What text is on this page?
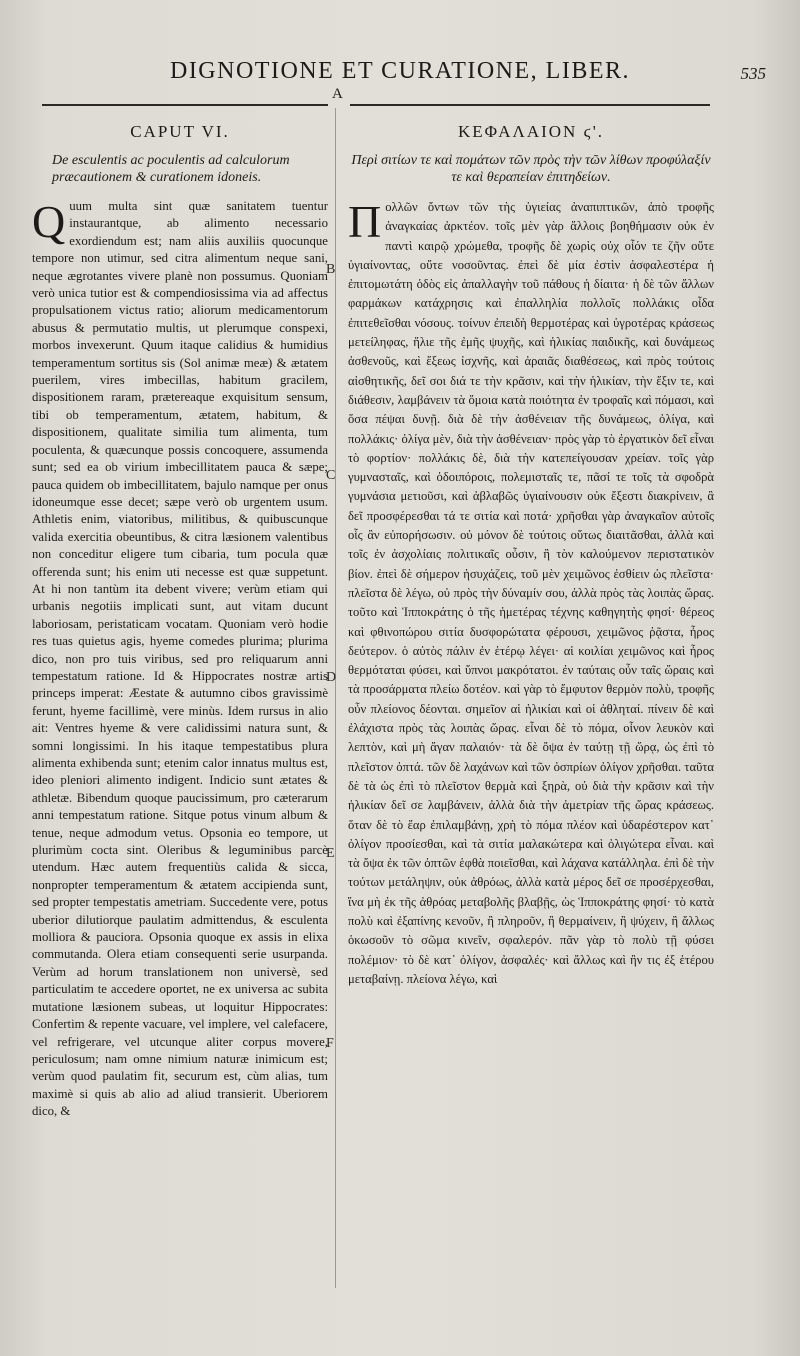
DIGNOTIONE ET CURATIONE, LIBER.	535
A
CAPUT VI.
De esculentis ac poculentis ad calculorum præcautionem & curationem idoneis.

Quum multa sint quæ sanitatem tuentur instaurantque, ab alimento necessario exordiendum est; nam aliis auxiliis quocunque tempore non utimur, sed citra alimentum neque sani, neque ægrotantes vivere planè non possumus. Quoniam verò unica tutior est & compendiosissima via ad affectus propulsationem victus ratio; aliorum medicamentorum abusus & permutatio multis, ut plerumque conspexi, morbos invexerunt. Quum itaque calidius & humidius temperamentum sortitus sis (Sol animæ meæ) & ætatem puerilem, vires imbecillas, habitum gracilem, dispositionem raram, prætereaque exquisitum sensum, tibi ob temperamentum, ætatem, habitum, & dispositionem, qualitate similia tum alimenta, tum poculenta, & quæcunque possis concoquere, assumenda sunt; sed ea ob virium imbecillitatem pauca & sæpe; pauca quidem ob imbecillitatem, bajulo namque per onus idoneumque esse decet; sæpe verò ob urgentem usum. Athletis enim, viatoribus, militibus, & quibuscunque valida exercitia obeuntibus, & citra læsionem valentibus non conceditur eligere tum cibaria, tum pocula quæ offerenda sunt; his enim uti necesse est quæ suppetunt. At hi non tantùm ita debent vivere; verùm etiam qui urbanis negotiis implicati sunt, aut vitam ducunt laboriosam, peristaticam vocatam. Quoniam verò hodie res tuas quietus agis, hyeme comedes plurima; plurima dico, non pro tuis viribus, sed pro reliquarum anni tempestatum ratione. Id & Hippocrates nostræ artis princeps imperat: Æestate & autumno cibos gravissimè ferunt, hyeme facillimè, vere minùs. Idem rursus in alio ait: Ventres hyeme & vere calidissimi natura sunt, & somni longissimi. In his itaque tempestatibus plura alimenta exhibenda sunt; etenim calor innatus multus est, ideo pleniori alimento indigent. Indicio sunt ætates & athletæ. Bibendum quoque paucissimum, pro cæterarum anni tempestatum ratione. Sitque potus vinum album & tenue, neque admodum vetus. Opsonia eo tempore, ut plurimùm cocta sint. Oleribus & leguminibus parcè utendum. Hæc autem frequentiùs calida & sicca, nonpropter temperamentum & ætatem accipienda sunt, sed propter tempestatis ametriam. Succedente vere, potus uberior dilutiorque paulatim admittendus, & esculenta molliora & pauciora. Opsonia quoque ex assis in elixa commutanda. Olera etiam consequenti serie usurpanda. Verùm ad horum translationem non universè, sed particulatim te accedere oportet, ne ex universa ac subita mutatione læsionem subeas, ut loquitur Hippocrates: Confertim & repente vacuare, vel implere, vel calefacere, vel refrigerare, vel utcunque aliter corpus movere, periculosum; nam omne nimium naturæ inimicum est; verùm quod paulatim fit, securum est, cùm alias, tum maximè si quis ab alio ad aliud transierit. Uberiorem dico, &

B
C
D
E
F
ΚΕΦΑΛΑΙΟΝ ϛ'.
Περὶ σιτίων τε καὶ πομάτων τῶν πρὸς τὴν τῶν λίθων προφύλαξίν τε καὶ θεραπείαν ἐπιτηδείων.

Πολλῶν ὄντων τῶν τὴς ὑγιείας ἀναπιπτικῶν, ἀπὸ τροφῆς ἀναγκαίας ἀρκτέον. τοῖς μὲν γὰρ ἄλλοις βοηθήμασιν οὐκ ἐν παντὶ καιρῷ χρώμεθα, τροφῆς δὲ χωρὶς οὐχ οἷόν τε ζῆν οὔτε ὑγιαίνοντας, οὔτε νοσοῦντας. ἐπεὶ δὲ μία ἐστὶν ἀσφαλεστέρα ἡ ἐπιτομωτάτη ὁδὸς εἰς ἀπαλλαγὴν τοῦ πάθους ἡ δίαιτα· ἡ δὲ τῶν ἄλλων φαρμάκων κατάχρησις καὶ ἐπαλληλία πολλοῖς πολλάκις οἶδα ἐπιτεθεῖσθαι νόσους. τοίνυν ἐπειδὴ θερμοτέρας καὶ ὑγροτέρας κράσεως μετείληφας, ἥλιε τῆς ἐμῆς ψυχῆς, καὶ ἡλικίας παιδικῆς, καὶ δυνάμεως ἀσθενοῦς, καὶ ἕξεως ἰσχνῆς, καὶ ἀραιᾶς διαθέσεως, καὶ πρὸς τούτοις αἰσθητικῆς, δεῖ σοι διά τε τὴν κρᾶσιν, καὶ τὴν ἡλικίαν, τὴν ἕξιν τε, καὶ διάθεσιν, λαμβάνειν τὰ ὅμοια κατὰ ποιότητα ἐν τροφαῖς καὶ πόμασι, καὶ ὅσα πέψαι δυνῇ. διὰ δὲ τὴν ἀσθένειαν τῆς δυνάμεως, ὀλίγα, καὶ πολλάκις· ὀλίγα μὲν, διὰ τὴν ἀσθένειαν· πρὸς γὰρ τὸ ἐργατικὸν δεῖ εἶναι τὸ φορτίον· πολλάκις δὲ, διὰ τὴν κατεπείγουσαν χρείαν. τοῖς γὰρ γυμνασταῖς, καὶ ὁδοιπόροις, πολεμισταῖς τε, πᾶσί τε τοῖς τὰ σφοδρὰ γυμνάσια μετιοῦσι, καὶ ἀβλαβῶς ὑγιαίνουσιν οὐκ ἔξεστι διακρίνειν, ἃ δεῖ προσφέρεσθαι τά τε σιτία καὶ ποτά· χρῆσθαι γὰρ ἀναγκαῖον αὐτοῖς οἷς ἂν εὐπορήσωσιν. οὐ μόνον δὲ τούτοις οὕτως διαιτᾶσθαι, ἀλλὰ καὶ τοῖς ἐν ἀσχολίαις πολιτικαῖς οὖσιν, ἢ τὸν καλούμενον περιστατικὸν βίον. ἐπεὶ δὲ σήμερον ἡσυχάζεις, τοῦ μὲν χειμῶνος ἐσθίειν ὡς πλεῖστα· πλεῖστα δὲ λέγω, οὐ πρὸς τὴν δύναμίν σου, ἀλλὰ πρὸς τὰς λοιπὰς ὥρας. τοῦτο καὶ Ἱπποκράτης ὁ τῆς ἡμετέρας τέχνης καθηγητὴς φησί· θέρεος καὶ φθινοπώρου σιτία δυσφορώτατα φέρουσι, χειμῶνος ῥᾷστα, ἦρος δεύτερον. ὁ αὐτὸς πάλιν ἐν ἑτέρῳ λέγει· αἱ κοιλίαι χειμῶνος καὶ ἦρος θερμόταται φύσει, καὶ ὕπνοι μακρότατοι. ἐν ταύταις οὖν ταῖς ὥραις καὶ τὰ προσάρματα πλείω δοτέον. καὶ γὰρ τὸ ἔμφυτον θερμὸν πολὺ, τροφῆς οὖν πλείονος δέονται. σημεῖον αἱ ἡλικίαι καὶ οἱ ἀθληταί. πίνειν δὲ καὶ ἐλάχιστα πρὸς τὰς λοιπὰς ὥρας. εἶναι δὲ τὸ πόμα, οἶνον λευκὸν καὶ λεπτὸν, καὶ μὴ ἄγαν παλαιόν· τὰ δὲ ὄψα ἐν ταύτῃ τῇ ὥρᾳ, ὡς ἐπὶ τὸ πλεῖστον ὀπτά. τῶν δὲ λαχάνων καὶ τῶν ὀσπρίων ὀλίγον χρῆσθαι. ταῦτα δὲ τὰ ὡς ἐπὶ τὸ πλεῖστον θερμὰ καὶ ξηρὰ, οὐ διὰ τὴν κρᾶσιν καὶ τὴν ἡλικίαν δεῖ σε λαμβάνειν, ἀλλὰ διὰ τὴν ἀμετρίαν τῆς ὥρας κράσεως. ὅταν δὲ τὸ ἔαρ ἐπιλαμβάνῃ, χρὴ τὸ πόμα πλέον καὶ ὑδαρέστερον κατ᾽ ὀλίγον προσίεσθαι, καὶ τὰ σιτία μαλακώτερα καὶ ὀλιγώτερα εἶναι. καὶ τὰ ὄψα ἐκ τῶν ὀπτῶν ἑφθὰ ποιεῖσθαι, καὶ λάχανα κατάλληλα. ἐπὶ δὲ τὴν τούτων μετάληψιν, οὐκ ἀθρόως, ἀλλὰ κατὰ μέρος δεῖ σε προσέρχεσθαι, ἵνα μὴ ἐκ τῆς ἀθρόας μεταβολῆς βλαβῇς, ὡς Ἱπποκράτης φησί· τὸ κατὰ πολὺ καὶ ἐξαπίνης κενοῦν, ἢ πληροῦν, ἢ θερμαίνειν, ἢ ψύχειν, ἢ ἄλλως ὁκωσοῦν τὸ σῶμα κινεῖν, σφαλερόν. πᾶν γὰρ τὸ πολὺ τῇ φύσει πολέμιον· τὸ δὲ κατ᾽ ὀλίγον, ἀσφαλές· καὶ ἄλλως καὶ ἢν τις ἐξ ἑτέρου μεταβαίνῃ. πλείονα λέγω, καὶ
